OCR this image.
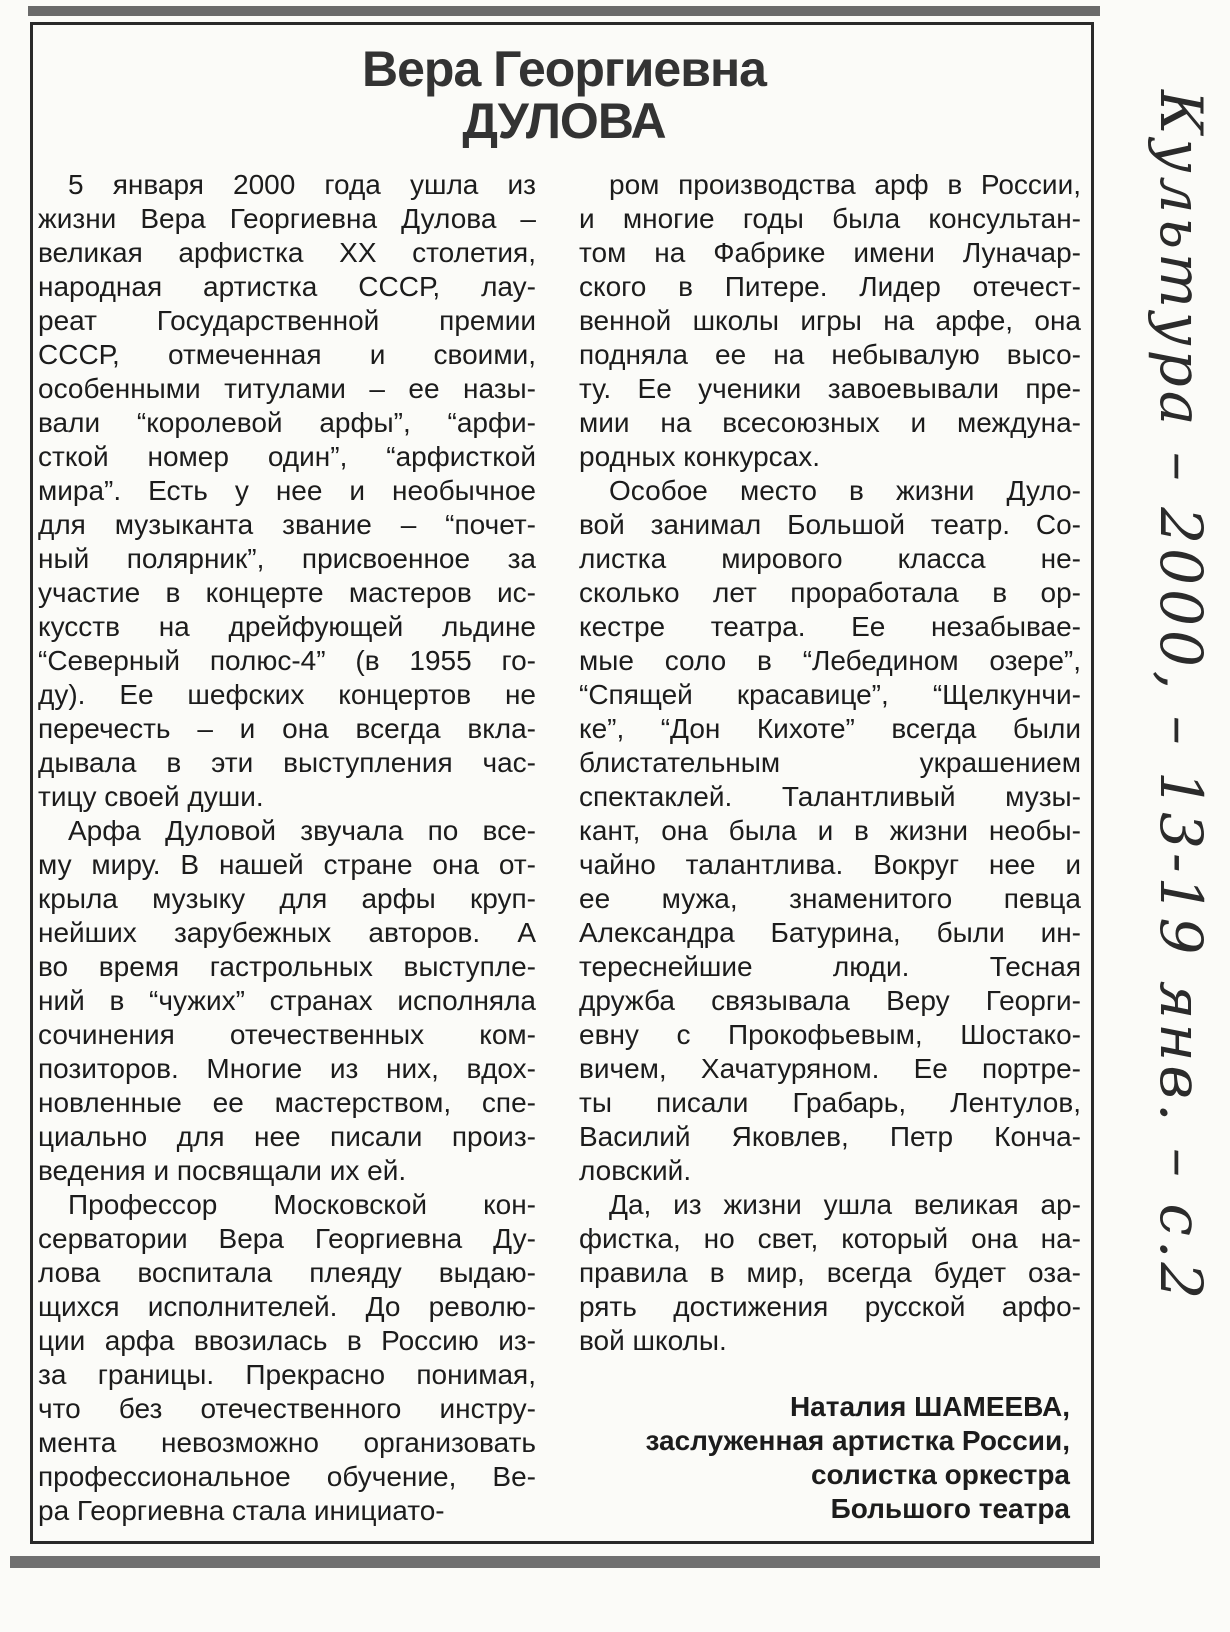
Вера Георгиевна
ДУЛОВА
5 января 2000 года ушла из
жизни Вера Георгиевна Дулова –
великая арфистка XX столетия,
народная артистка СССР, лау-
реат Государственной премии
СССР, отмеченная и своими,
особенными титулами – ее назы-
вали “королевой арфы”, “арфи-
сткой номер один”, “арфисткой
мира”. Есть у нее и необычное
для музыканта звание – “почет-
ный полярник”, присвоенное за
участие в концерте мастеров ис-
кусств на дрейфующей льдине
“Северный полюс-4” (в 1955 го-
ду). Ее шефских концертов не
перечесть – и она всегда вкла-
дывала в эти выступления час-
тицу своей души.
Арфа Дуловой звучала по все-
му миру. В нашей стране она от-
крыла музыку для арфы круп-
нейших зарубежных авторов. А
во время гастрольных выступле-
ний в “чужих” странах исполняла
сочинения отечественных ком-
позиторов. Многие из них, вдох-
новленные ее мастерством, спе-
циально для нее писали произ-
ведения и посвящали их ей.
Профессор Московской кон-
серватории Вера Георгиевна Ду-
лова воспитала плеяду выдаю-
щихся исполнителей. До револю-
ции арфа ввозилась в Россию из-
за границы. Прекрасно понимая,
что без отечественного инстру-
мента невозможно организовать
профессиональное обучение, Ве-
ра Георгиевна стала инициато-
ром производства арф в России,
и многие годы была консультан-
том на Фабрике имени Луначар-
ского в Питере. Лидер отечест-
венной школы игры на арфе, она
подняла ее на небывалую высо-
ту. Ее ученики завоевывали пре-
мии на всесоюзных и междуна-
родных конкурсах.
Особое место в жизни Дуло-
вой занимал Большой театр. Со-
листка мирового класса не-
сколько лет проработала в ор-
кестре театра. Ее незабывае-
мые соло в “Лебедином озере”,
“Спящей красавице”, “Щелкунчи-
ке”, “Дон Кихоте” всегда были
блистательным украшением
спектаклей. Талантливый музы-
кант, она была и в жизни необы-
чайно талантлива. Вокруг нее и
ее мужа, знаменитого певца
Александра Батурина, были ин-
тереснейшие люди. Тесная
дружба связывала Веру Георги-
евну с Прокофьевым, Шостако-
вичем, Хачатуряном. Ее портре-
ты писали Грабарь, Лентулов,
Василий Яковлев, Петр Конча-
ловский.
Да, из жизни ушла великая ар-
фистка, но свет, который она на-
правила в мир, всегда будет оза-
рять достижения русской арфо-
вой школы.
Наталия ШАМЕЕВА,
заслуженная артистка России,
солистка оркестра
Большого театра
Культура – 2000, – 13-19 янв. – с.2
